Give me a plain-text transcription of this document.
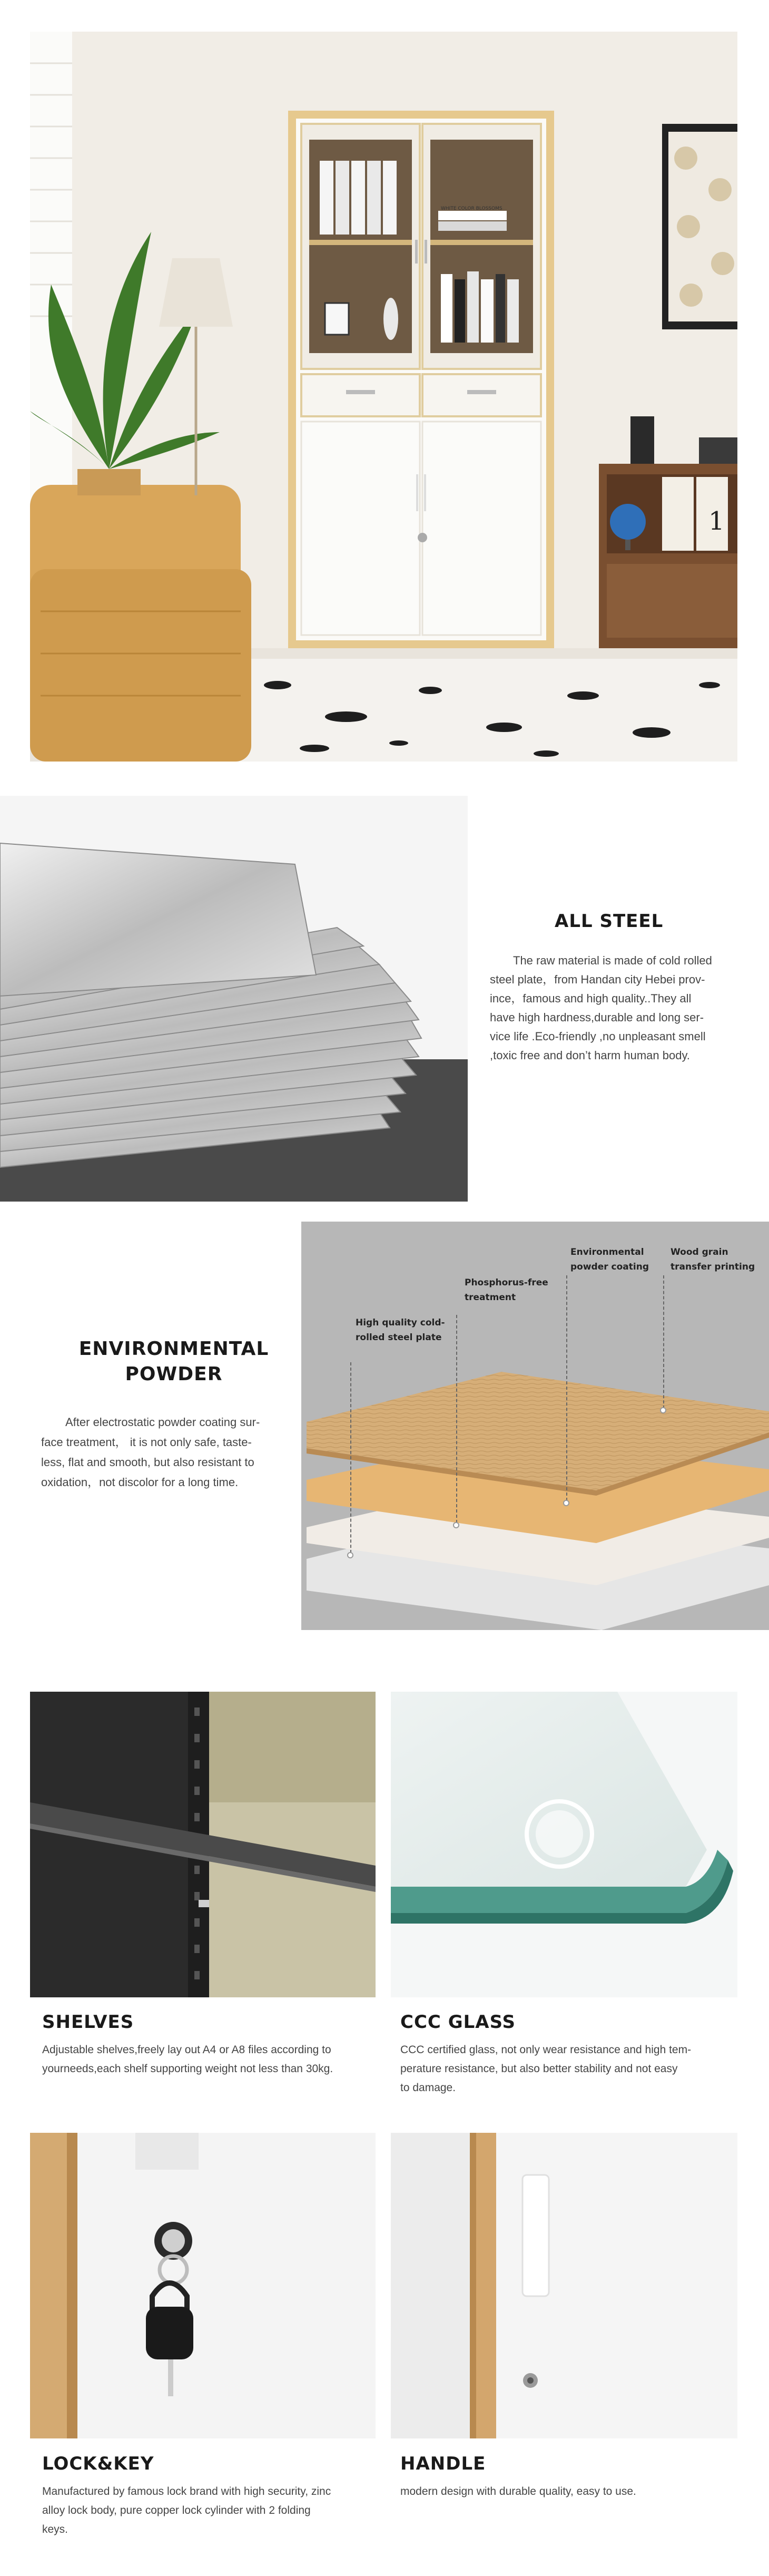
WHITE COLOR BLOSSOMS
1
ALL STEEL
The raw material is made of cold rolled
steel plate，from Handan city Hebei prov-
ince，famous and high quality..They all
have high hardness,durable and long ser-
vice life .Eco-friendly ,no unpleasant smell
,toxic free and don’t harm human body.
ENVIRONMENTAL
POWDER
After electrostatic powder coating sur-
face treatment， it is not only safe, taste-
less, flat and smooth, but also resistant to
oxidation，not discolor for a long time.
High quality cold-
rolled steel plate
Phosphorus-free
treatment
Environmental
powder coating
Wood grain
transfer printing
SHELVES
Adjustable shelves,freely lay out A4 or A8 files according to
yourneeds,each shelf supporting weight not less than 30kg.
CCC GLASS
CCC certified glass, not only wear resistance and high tem-
perature resistance, but also better stability and not easy
to damage.
LOCK&KEY
Manufactured by famous lock brand with high security, zinc
alloy lock body, pure copper lock cylinder with 2 folding
keys.
HANDLE
modern design with durable quality, easy to use.
